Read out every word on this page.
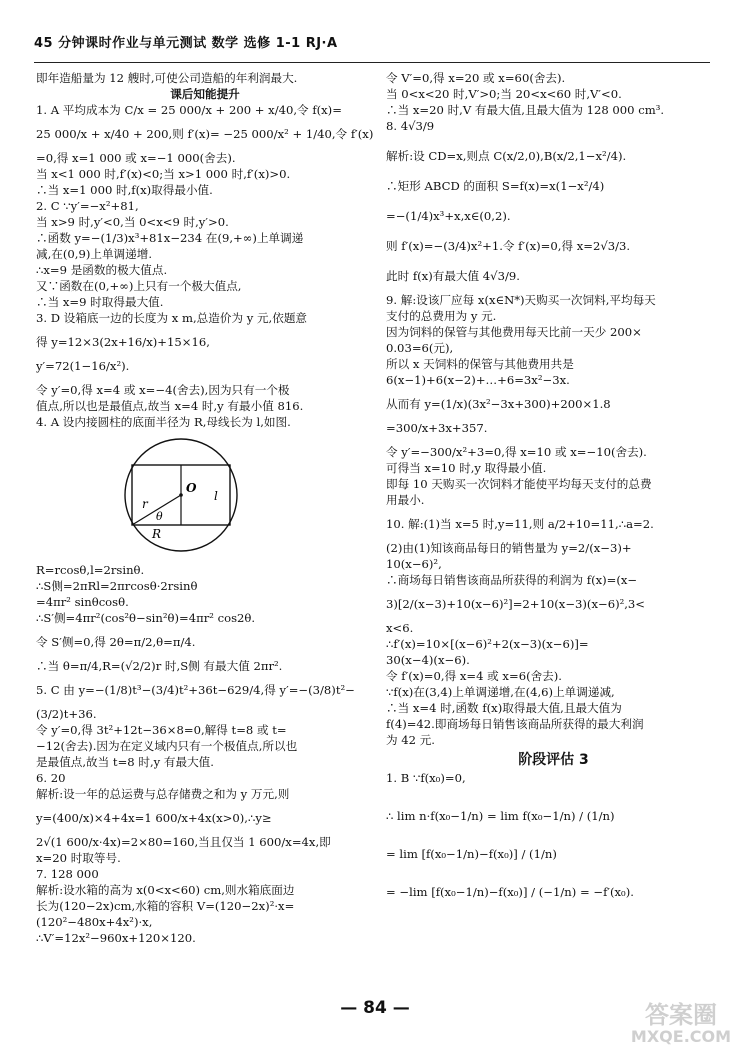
45 分钟课时作业与单元测试 数学 选修 1-1 RJ·A
即年造船量为 12 艘时,可使公司造船的年利润最大.
课后知能提升
1. A 平均成本为 C/x = 25 000/x + 200 + x/40,令 f(x)=
25 000/x + x/40 + 200,则 f′(x)= −25 000/x² + 1/40,令 f′(x)
=0,得 x=1 000 或 x=−1 000(舍去).
当 x<1 000 时,f′(x)<0;当 x>1 000 时,f′(x)>0.
∴当 x=1 000 时,f(x)取得最小值.
2. C ∵y′=−x²+81,
当 x>9 时,y′<0,当 0<x<9 时,y′>0.
∴函数 y=−(1/3)x³+81x−234 在(9,+∞)上单调递
减,在(0,9)上单调递增.
∴x=9 是函数的极大值点.
又∵函数在(0,+∞)上只有一个极大值点,
∴当 x=9 时取得最大值.
3. D 设箱底一边的长度为 x m,总造价为 y 元,依题意
得 y=12×3(2x+16/x)+15×16,
y′=72(1−16/x²).
令 y′=0,得 x=4 或 x=−4(舍去),因为只有一个极
值点,所以也是最值点,故当 x=4 时,y 有最小值 816.
4. A 设内接圆柱的底面半径为 R,母线长为 l,如图.
O
l
r
θ
R
R=rcosθ,l=2rsinθ.
∴S侧=2πRl=2πrcosθ·2rsinθ
=4πr² sinθcosθ.
∴S′侧=4πr²(cos²θ−sin²θ)=4πr² cos2θ.
令 S′侧=0,得 2θ=π/2,θ=π/4.
∴当 θ=π/4,R=(√2/2)r 时,S侧 有最大值 2πr².
5. C 由 y=−(1/8)t³−(3/4)t²+36t−629/4,得 y′=−(3/8)t²−
(3/2)t+36.
令 y′=0,得 3t²+12t−36×8=0,解得 t=8 或 t=
−12(舍去).因为在定义域内只有一个极值点,所以也
是最值点,故当 t=8 时,y 有最大值.
6. 20
解析:设一年的总运费与总存储费之和为 y 万元,则
y=(400/x)×4+4x=1 600/x+4x(x>0),∴y≥
2√(1 600/x·4x)=2×80=160,当且仅当 1 600/x=4x,即
x=20 时取等号.
7. 128 000
解析:设水箱的高为 x(0<x<60) cm,则水箱底面边
长为(120−2x)cm,水箱的容积 V=(120−2x)²·x=
(120²−480x+4x²)·x,
∴V′=12x²−960x+120×120.
令 V′=0,得 x=20 或 x=60(舍去).
当 0<x<20 时,V′>0;当 20<x<60 时,V′<0.
∴当 x=20 时,V 有最大值,且最大值为 128 000 cm³.
8. 4√3/9
解析:设 CD=x,则点 C(x/2,0),B(x/2,1−x²/4).
∴矩形 ABCD 的面积 S=f(x)=x(1−x²/4)
=−(1/4)x³+x,x∈(0,2).
则 f′(x)=−(3/4)x²+1.令 f′(x)=0,得 x=2√3/3.
此时 f(x)有最大值 4√3/9.
9. 解:设该厂应每 x(x∈N*)天购买一次饲料,平均每天
支付的总费用为 y 元.
因为饲料的保管与其他费用每天比前一天少 200×
0.03=6(元),
所以 x 天饲料的保管与其他费用共是
6(x−1)+6(x−2)+…+6=3x²−3x.
从而有 y=(1/x)(3x²−3x+300)+200×1.8
=300/x+3x+357.
令 y′=−300/x²+3=0,得 x=10 或 x=−10(舍去).
可得当 x=10 时,y 取得最小值.
即每 10 天购买一次饲料才能使平均每天支付的总费
用最小.
10. 解:(1)当 x=5 时,y=11,则 a/2+10=11,∴a=2.
(2)由(1)知该商品每日的销售量为 y=2/(x−3)+
10(x−6)²,
∴商场每日销售该商品所获得的利润为 f(x)=(x−
3)[2/(x−3)+10(x−6)²]=2+10(x−3)(x−6)²,3<
x<6.
∴f′(x)=10×[(x−6)²+2(x−3)(x−6)]=
30(x−4)(x−6).
令 f′(x)=0,得 x=4 或 x=6(舍去).
∵f(x)在(3,4)上单调递增,在(4,6)上单调递减,
∴当 x=4 时,函数 f(x)取得最大值,且最大值为
f(4)=42.即商场每日销售该商品所获得的最大利润
为 42 元.
阶段评估 3
1. B ∵f(x₀)=0,
∴ lim n·f(x₀−1/n) = lim f(x₀−1/n) / (1/n)
= lim [f(x₀−1/n)−f(x₀)] / (1/n)
= −lim [f(x₀−1/n)−f(x₀)] / (−1/n) = −f′(x₀).
— 84 —	答案圈
MXQE.COM
